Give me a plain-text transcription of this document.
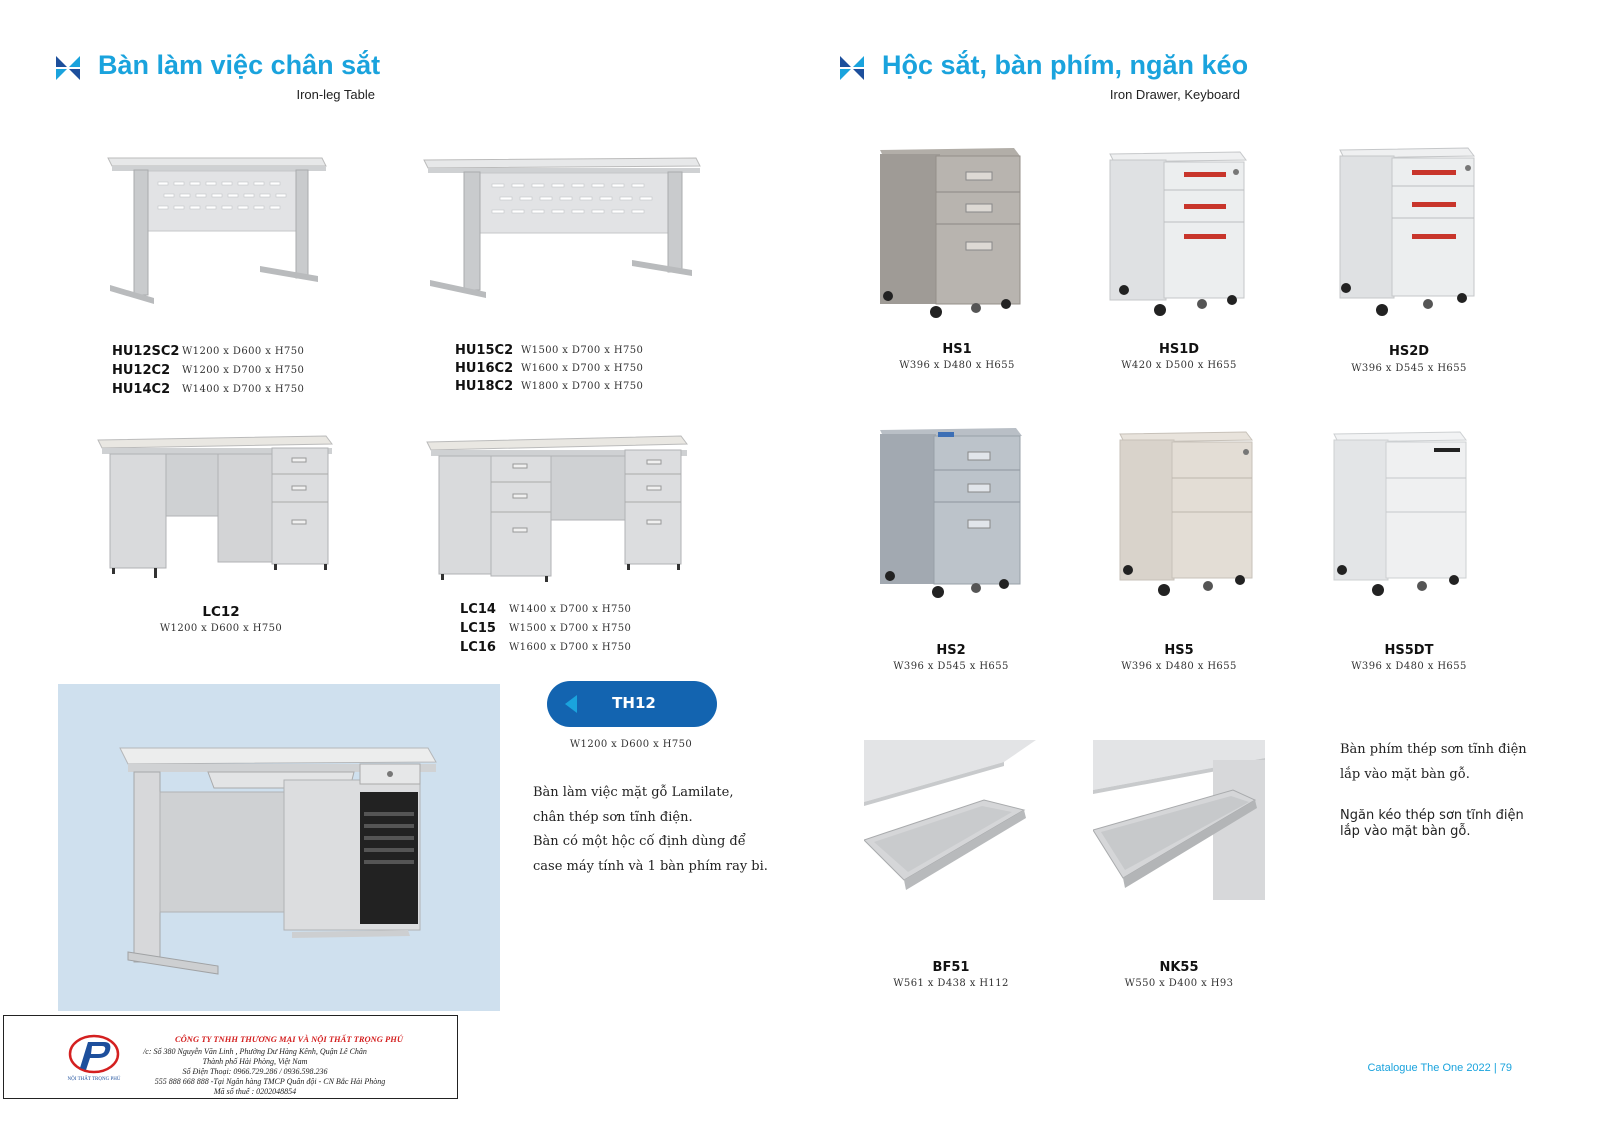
Bàn làm việc chân sắt
Iron-leg Table
Hộc sắt, bàn phím, ngăn kéo
Iron Drawer, Keyboard
HU12SC2 W1200 x D600 x H750
HU12C2	W1200 x D700 x H750
HU14C2	W1400 x D700 x H750
HU15C2 W1500 x D700 x H750
HU16C2 W1600 x D700 x H750
HU18C2 W1800 x D700 x H750
LC12
W1200 x D600 x H750
LC14	W1400 x D700 x H750
LC15	W1500 x D700 x H750
LC16	W1600 x D700 x H750
TH12
W1200 x D600 x H750
Bàn làm việc mặt gỗ Lamilate,
chân thép sơn tĩnh điện.
Bàn có một hộc cố định dùng để
case máy tính và 1 bàn phím ray bi.
HS1
W396 x D480 x H655
HS1D
W420 x D500 x H655
HS2D
W396 x D545 x H655
HS2
W396 x D545 x H655
HS5
W396 x D480 x H655
HS5DT
W396 x D480 x H655
BF51
W561 x D438 x H112
NK55
W550 x D400 x H93
Bàn phím thép sơn tĩnh điện
lắp vào mặt bàn gỗ.
Ngăn kéo thép sơn tĩnh điện
lắp vào mặt bàn gỗ.
NỘI THẤT TRỌNG PHÚ
CÔNG TY TNHH THƯƠNG MẠI VÀ NỘI THẤT TRỌNG PHÚ
/c: Số 380 Nguyễn Văn Linh , Phường Dư Hàng Kênh, Quận Lê Chân
Thành phố Hải Phòng, Việt Nam
Số Điện Thoại: 0966.729.286 / 0936.598.236
555 888 668 888 -Tại Ngân hàng TMCP Quân đội - CN Bắc Hải Phòng
Mã số thuế : 0202048854
Catalogue The One 2022 | 79
